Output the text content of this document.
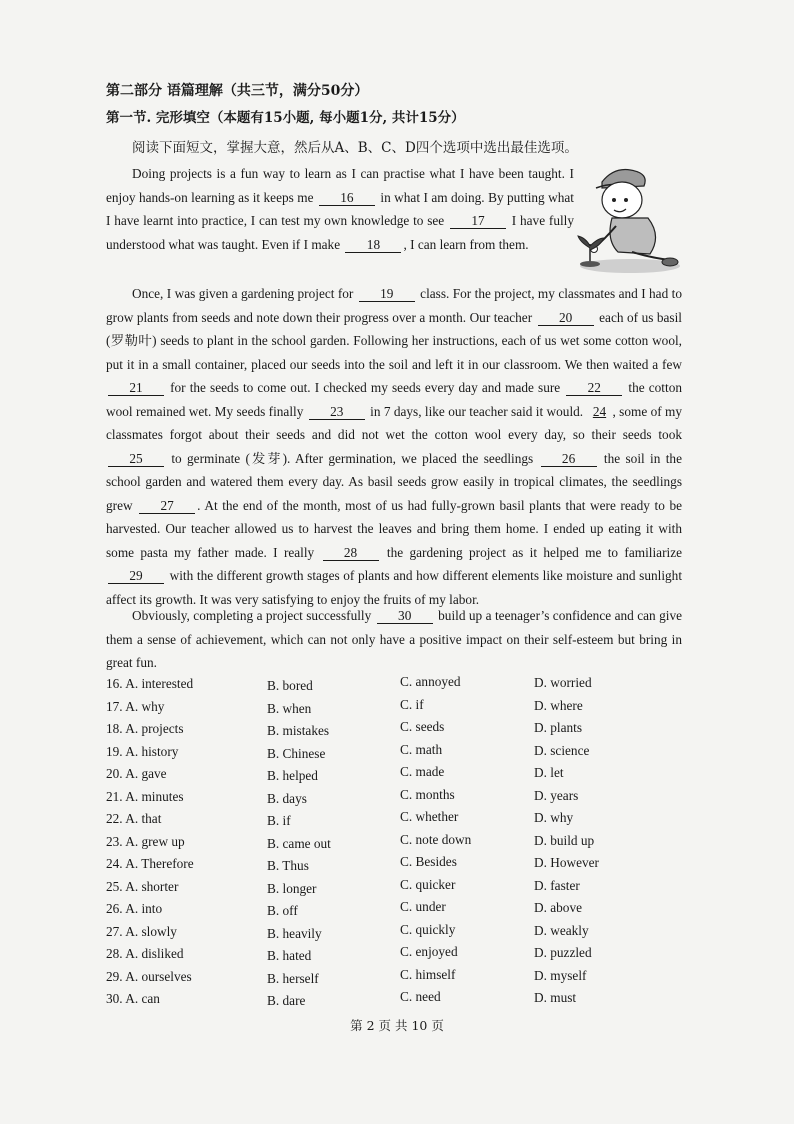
第二部分 语篇理解（共三节，满分50分）
第一节. 完形填空（本题有15小题, 每小题1分, 共计15分）
阅读下面短文，掌握大意，然后从A、B、C、D四个选项中选出最佳选项。

Doing projects is a fun way to learn as I can practise what I have been taught. I enjoy hands-on learning as it keeps me 16 in what I am doing. By putting what I have learnt into practice, I can test my own knowledge to see 17 I have fully understood what was taught. Even if I make 18 , I can learn from them.

Once, I was given a gardening project for 19 class. For the project, my classmates and I had to grow plants from seeds and note down their progress over a month. Our teacher 20 each of us basil (罗勒叶) seeds to plant in the school garden. Following her instructions, each of us wet some cotton wool, put it in a small container, placed our seeds into the soil and left it in our classroom. We then waited a few 21 for the seeds to come out. I checked my seeds every day and made sure 22 the cotton wool remained wet. My seeds finally 23 in 7 days, like our teacher said it would. 24 , some of my classmates forgot about their seeds and did not wet the cotton wool every day, so their seeds took 25 to germinate (发芽). After germination, we placed the seedlings 26 the soil in the school garden and watered them every day. As basil seeds grow easily in tropical climates, the seedlings grew 27 . At the end of the month, most of us had fully-grown basil plants that were ready to be harvested. Our teacher allowed us to harvest the leaves and bring them home. I ended up eating it with some pasta my father made. I really 28 the gardening project as it helped me to familiarize 29 with the different growth stages of plants and how different elements like moisture and sunlight affect its growth. It was very satisfying to enjoy the fruits of my labor.

Obviously, completing a project successfully 30 build up a teenager’s confidence and can give them a sense of achievement, which can not only have a positive impact on their self-esteem but bring in great fun.

16. A. interested	B. bored	C. annoyed	D. worried
17. A. why	B. when	C. if	D. where
18. A. projects	B. mistakes	C. seeds	D. plants
19. A. history	B. Chinese	C. math	D. science
20. A. gave	B. helped	C. made	D. let
21. A. minutes	B. days	C. months	D. years
22. A. that	B. if	C. whether	D. why
23. A. grew up	B. came out	C. note down	D. build up
24. A. Therefore	B. Thus	C. Besides	D. However
25. A. shorter	B. longer	C. quicker	D. faster
26. A. into	B. off	C. under	D. above
27. A. slowly	B. heavily	C. quickly	D. weakly
28. A. disliked	B. hated	C. enjoyed	D. puzzled
29. A. ourselves	B. herself	C. himself	D. myself
30. A. can	B. dare	C. need	D. must
第 2 页 共 10 页
